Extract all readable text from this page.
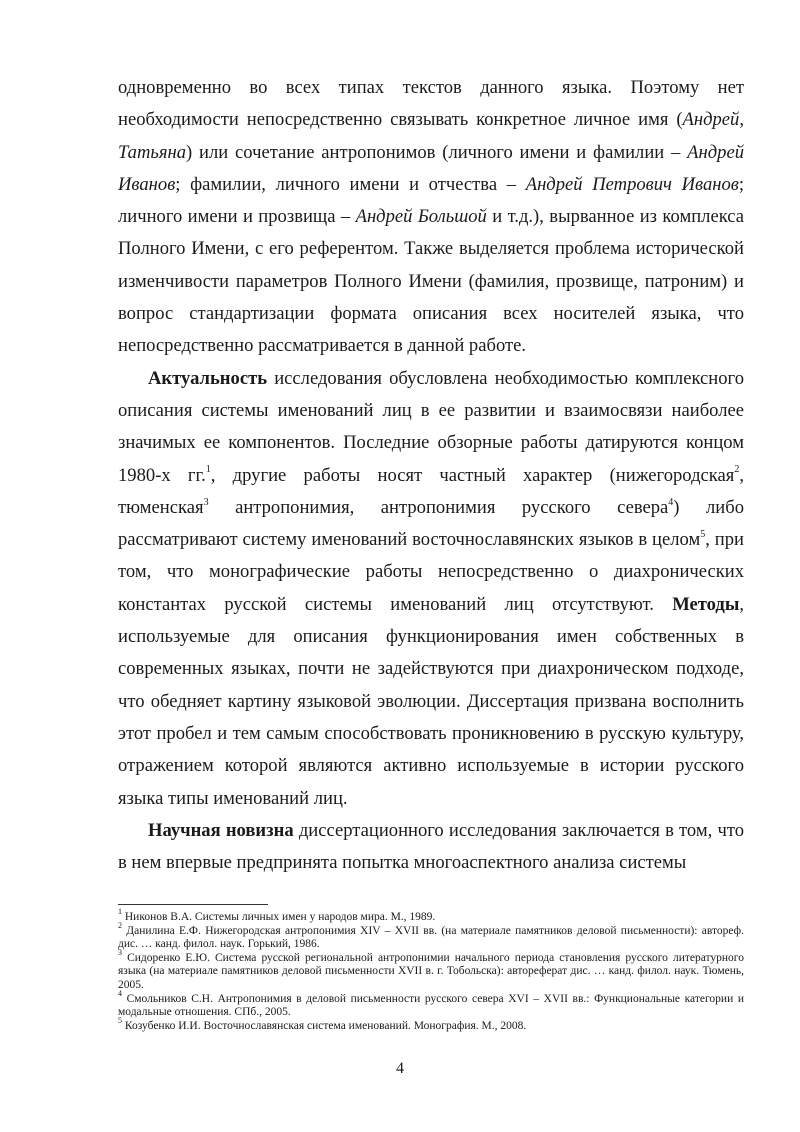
одновременно во всех типах текстов данного языка. Поэтому нет необходимости непосредственно связывать конкретное личное имя (Андрей, Татьяна) или сочетание антропонимов (личного имени и фамилии – Андрей Иванов; фамилии, личного имени и отчества – Андрей Петрович Иванов; личного имени и прозвища – Андрей Большой и т.д.), вырванное из комплекса Полного Имени, с его референтом. Также выделяется проблема исторической изменчивости параметров Полного Имени (фамилия, прозвище, патроним) и вопрос стандартизации формата описания всех носителей языка, что непосредственно рассматривается в данной работе.

Актуальность исследования обусловлена необходимостью комплексного описания системы именований лиц в ее развитии и взаимосвязи наиболее значимых ее компонентов. Последние обзорные работы датируются концом 1980-х гг.$^1$, другие работы носят частный характер (нижегородская$^2$, тюменская$^3$ антропонимия, антропонимия русского севера$^4$) либо рассматривают систему именований восточнославянских языков в целом$^5$, при том, что монографические работы непосредственно о диахронических константах русской системы именований лиц отсутствуют. Методы, используемые для описания функционирования имен собственных в современных языках, почти не задействуются при диахроническом подходе, что обедняет картину языковой эволюции. Диссертация призвана восполнить этот пробел и тем самым способствовать проникновению в русскую культуру, отражением которой являются активно используемые в истории русского языка типы именований лиц.

Научная новизна диссертационного исследования заключается в том, что в нем впервые предпринята попытка многоаспектного анализа системы

$^1$ Никонов В.А. Системы личных имен у народов мира. М., 1989.

$^2$ Данилина Е.Ф. Нижегородская антропонимия XIV – XVII вв. (на материале памятников деловой письменности): автореф. дис. … канд. филол. наук. Горький, 1986.

$^3$ Сидоренко Е.Ю. Система русской региональной антропонимии начального периода становления русского литературного языка (на материале памятников деловой письменности XVII в. г. Тобольска): автореферат дис. … канд. филол. наук. Тюмень, 2005.

$^4$ Смольников С.Н. Антропонимия в деловой письменности русского севера XVI – XVII вв.: Функциональные категории и модальные отношения. СПб., 2005.

$^5$ Козубенко И.И. Восточнославянская система именований. Монография. М., 2008.

4
